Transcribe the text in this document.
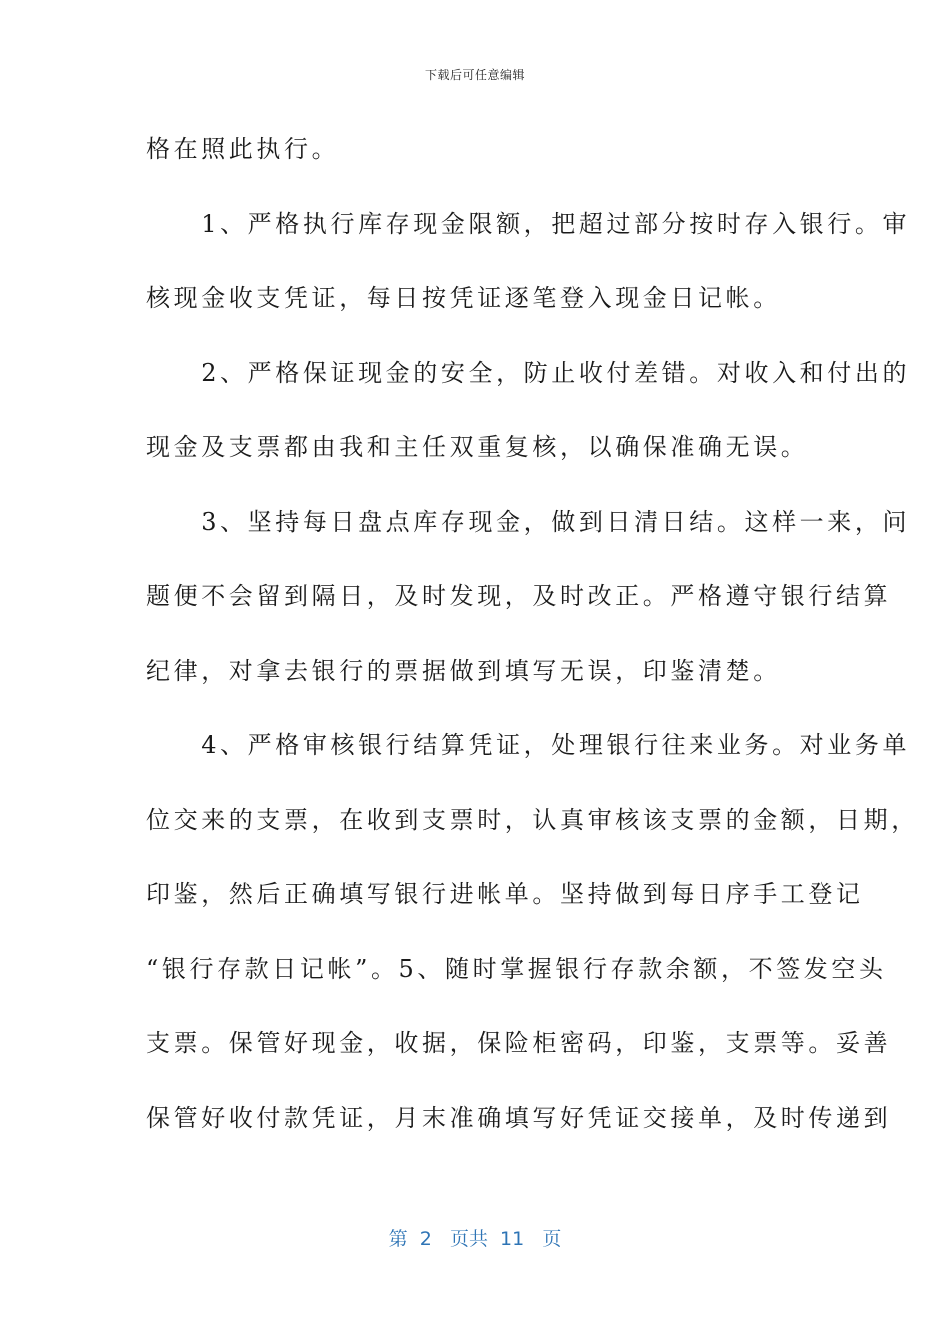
下载后可任意编辑
格在照此执行。
　　1、严格执行库存现金限额，把超过部分按时存入银行。审
核现金收支凭证，每日按凭证逐笔登入现金日记帐。
　　2、严格保证现金的安全，防止收付差错。对收入和付出的
现金及支票都由我和主任双重复核，以确保准确无误。
　　3、坚持每日盘点库存现金，做到日清日结。这样一来，问
题便不会留到隔日，及时发现，及时改正。严格遵守银行结算
纪律，对拿去银行的票据做到填写无误，印鉴清楚。
　　4、严格审核银行结算凭证，处理银行往来业务。对业务单
位交来的支票，在收到支票时，认真审核该支票的金额，日期，
印鉴，然后正确填写银行进帐单。坚持做到每日序手工登记
“银行存款日记帐”。5、随时掌握银行存款余额，不签发空头
支票。保管好现金，收据，保险柜密码，印鉴，支票等。妥善
保管好收付款凭证，月末准确填写好凭证交接单，及时传递到
第 2 页共 11 页
